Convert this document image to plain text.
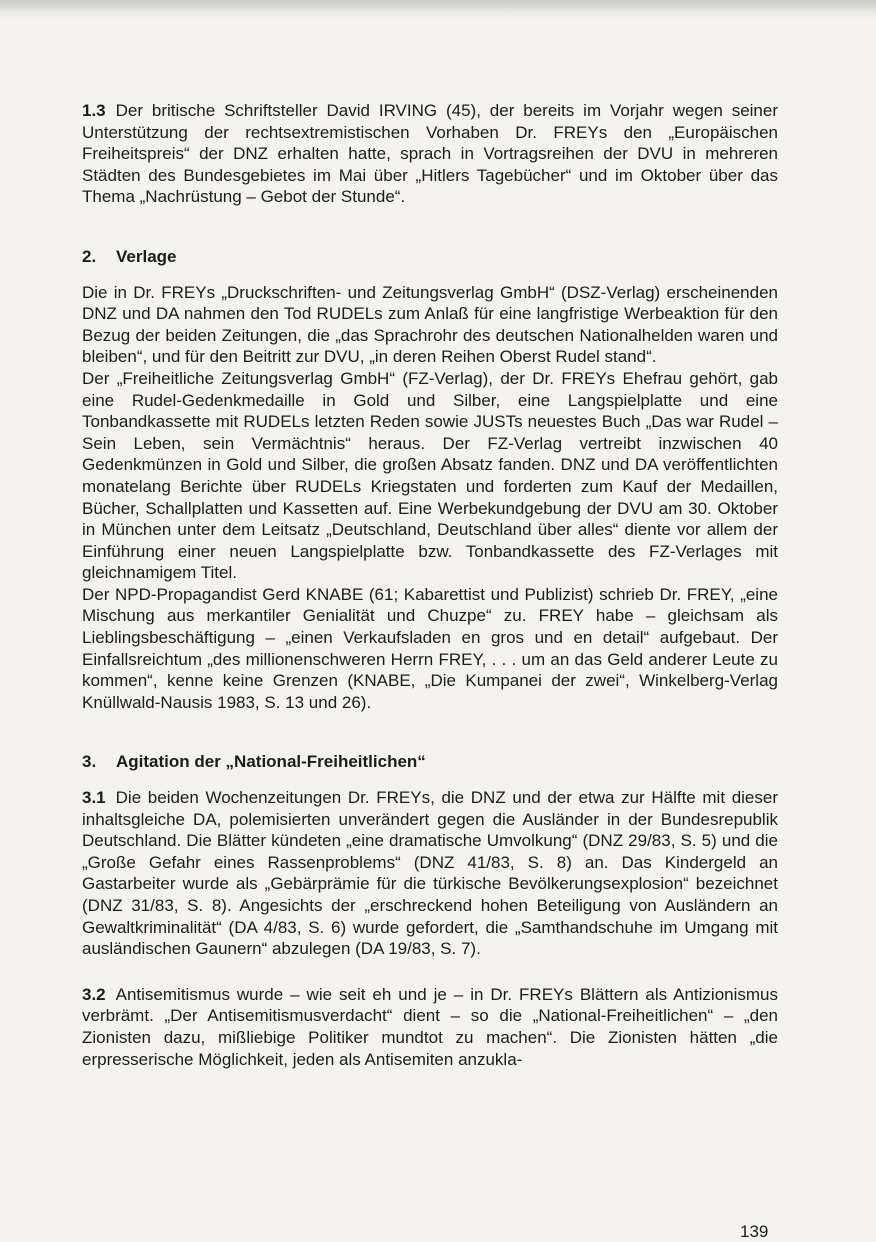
1.3 Der britische Schriftsteller David IRVING (45), der bereits im Vorjahr wegen seiner Unterstützung der rechtsextremistischen Vorhaben Dr. FREYs den „Europäischen Freiheitspreis“ der DNZ erhalten hatte, sprach in Vortragsreihen der DVU in mehreren Städten des Bundesgebietes im Mai über „Hitlers Tagebücher“ und im Oktober über das Thema „Nachrüstung – Gebot der Stunde“.

2. Verlage

Die in Dr. FREYs „Druckschriften- und Zeitungsverlag GmbH“ (DSZ-Verlag) erscheinenden DNZ und DA nahmen den Tod RUDELs zum Anlaß für eine langfristige Werbeaktion für den Bezug der beiden Zeitungen, die „das Sprachrohr des deutschen Nationalhelden waren und bleiben“, und für den Beitritt zur DVU, „in deren Reihen Oberst Rudel stand“.

Der „Freiheitliche Zeitungsverlag GmbH“ (FZ-Verlag), der Dr. FREYs Ehefrau gehört, gab eine Rudel-Gedenkmedaille in Gold und Silber, eine Langspielplatte und eine Tonbandkassette mit RUDELs letzten Reden sowie JUSTs neuestes Buch „Das war Rudel – Sein Leben, sein Vermächtnis“ heraus. Der FZ-Verlag vertreibt inzwischen 40 Gedenkmünzen in Gold und Silber, die großen Absatz fanden. DNZ und DA veröffentlichten monatelang Berichte über RUDELs Kriegstaten und forderten zum Kauf der Medaillen, Bücher, Schallplatten und Kassetten auf. Eine Werbekundgebung der DVU am 30. Oktober in München unter dem Leitsatz „Deutschland, Deutschland über alles“ diente vor allem der Einführung einer neuen Langspielplatte bzw. Tonbandkassette des FZ-Verlages mit gleichnamigem Titel.

Der NPD-Propagandist Gerd KNABE (61; Kabarettist und Publizist) schrieb Dr. FREY, „eine Mischung aus merkantiler Genialität und Chuzpe“ zu. FREY habe – gleichsam als Lieblingsbeschäftigung – „einen Verkaufsladen en gros und en detail“ aufgebaut. Der Einfallsreichtum „des millionenschweren Herrn FREY, . . . um an das Geld anderer Leute zu kommen“, kenne keine Grenzen (KNABE, „Die Kumpanei der zwei“, Winkelberg-Verlag Knüllwald-Nausis 1983, S. 13 und 26).

3. Agitation der „National-Freiheitlichen“

3.1 Die beiden Wochenzeitungen Dr. FREYs, die DNZ und der etwa zur Hälfte mit dieser inhaltsgleiche DA, polemisierten unverändert gegen die Ausländer in der Bundesrepublik Deutschland. Die Blätter kündeten „eine dramatische Umvolkung“ (DNZ 29/83, S. 5) und die „Große Gefahr eines Rassenproblems“ (DNZ 41/83, S. 8) an. Das Kindergeld an Gastarbeiter wurde als „Gebärprämie für die türkische Bevölkerungsexplosion“ bezeichnet (DNZ 31/83, S. 8). Angesichts der „erschreckend hohen Beteiligung von Ausländern an Gewaltkriminalität“ (DA 4/83, S. 6) wurde gefordert, die „Samthandschuhe im Umgang mit ausländischen Gaunern“ abzulegen (DA 19/83, S. 7).

3.2 Antisemitismus wurde – wie seit eh und je – in Dr. FREYs Blättern als Antizionismus verbrämt. „Der Antisemitismusverdacht“ dient – so die „National-Freiheitlichen“ – „den Zionisten dazu, mißliebige Politiker mundtot zu machen“. Die Zionisten hätten „die erpresserische Möglichkeit, jeden als Antisemiten anzukla-

139
